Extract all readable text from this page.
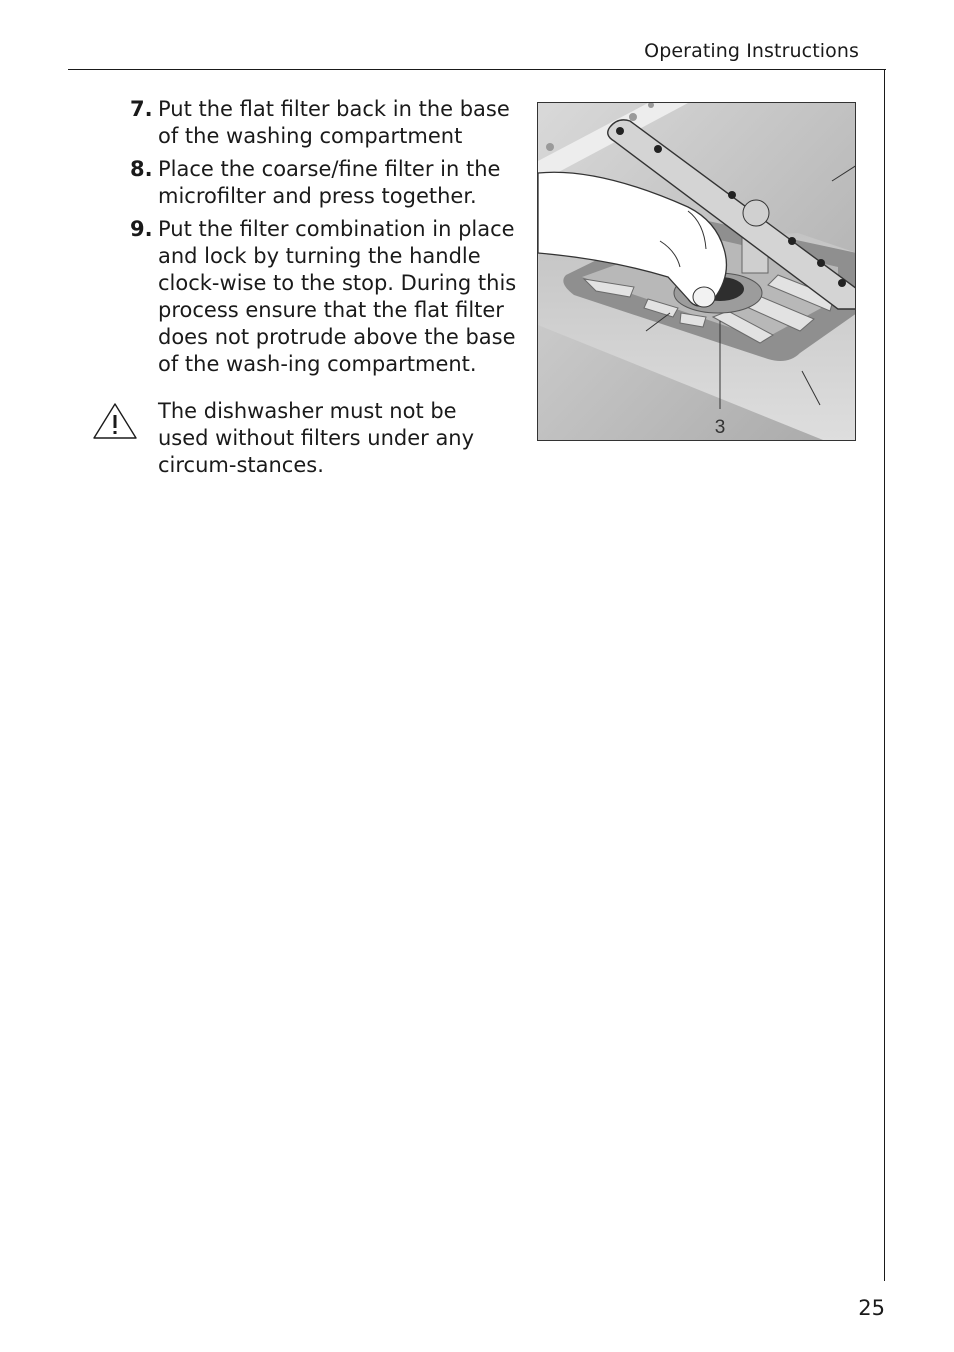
Operating Instructions
7. Put the flat filter back in the base of the washing compartment
8. Place the coarse/fine filter in the microfilter and press together.
9. Put the filter combination in place and lock by turning the handle clock-wise to the stop. During this process ensure that the flat filter does not protrude above the base of the wash-ing compartment.
The dishwasher must not be used without filters under any circum-stances.
3
25
